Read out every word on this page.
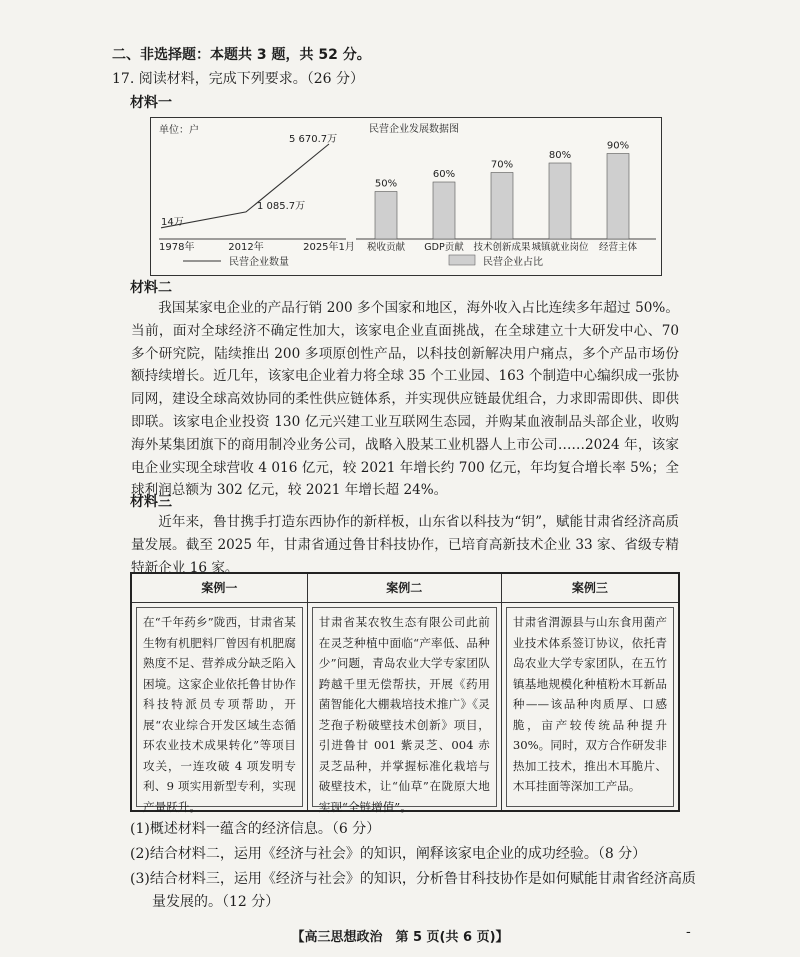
二、非选择题：本题共 3 题，共 52 分。
17. 阅读材料，完成下列要求。（26 分）
材料一
单位：户
14万
1 085.7万
5 670.7万
1978年	2012年	2025年1月
民营企业数量
民营企业发展数据图
50%
税收贡献
60%
GDP贡献
70%
技术创新成果
80%
城镇就业岗位
90%
经营主体
民营企业占比
材料二

我国某家电企业的产品行销 200 多个国家和地区，海外收入占比连续多年超过 50%。当前，面对全球经济不确定性加大，该家电企业直面挑战，在全球建立十大研发中心、70 多个研究院，陆续推出 200 多项原创性产品，以科技创新解决用户痛点，多个产品市场份额持续增长。近几年，该家电企业着力将全球 35 个工业园、163 个制造中心编织成一张协同网，建设全球高效协同的柔性供应链体系，并实现供应链最优组合，力求即需即供、即供即联。该家电企业投资 130 亿元兴建工业互联网生态园，并购某血液制品头部企业，收购海外某集团旗下的商用制冷业务公司，战略入股某工业机器人上市公司……2024 年，该家电企业实现全球营收 4 016 亿元，较 2021 年增长约 700 亿元，年均复合增长率 5%；全球利润总额为 302 亿元，较 2021 年增长超 24%。

材料三

近年来，鲁甘携手打造东西协作的新样板，山东省以科技为“钥”，赋能甘肃省经济高质量发展。截至 2025 年，甘肃省通过鲁甘科技协作，已培育高新技术企业 33 家、省级专精特新企业 16 家。

案例一	案例二	案例三

在“千年药乡”陇西，甘肃省某生物有机肥料厂曾因有机肥腐熟度不足、营养成分缺乏陷入困境。这家企业依托鲁甘协作科技特派员专项帮助，开展“农业综合开发区域生态循环农业技术成果转化”等项目攻关，一连攻破 4 项发明专利、9 项实用新型专利，实现产量跃升。	甘肃省某农牧生态有限公司此前在灵芝种植中面临“产率低、品种少”问题，青岛农业大学专家团队跨越千里无偿帮扶，开展《药用菌智能化大棚栽培技术推广》《灵芝孢子粉破壁技术创新》项目，引进鲁甘 001 紫灵芝、004 赤灵芝品种，并掌握标准化栽培与破壁技术，让“仙草”在陇原大地实现“全链增值”。	甘肃省渭源县与山东食用菌产业技术体系签订协议，依托青岛农业大学专家团队，在五竹镇基地规模化种植粉木耳新品种——该品种肉质厚、口感脆，亩产较传统品种提升 30%。同时，双方合作研发非热加工技术，推出木耳脆片、木耳挂面等深加工产品。
(1)概述材料一蕴含的经济信息。（6 分）
(2)结合材料二，运用《经济与社会》的知识，阐释该家电企业的成功经验。（8 分）
(3)结合材料三，运用《经济与社会》的知识，分析鲁甘科技协作是如何赋能甘肃省经济高质
量发展的。（12 分）
【高三思想政治　第 5 页(共 6 页)】	-
